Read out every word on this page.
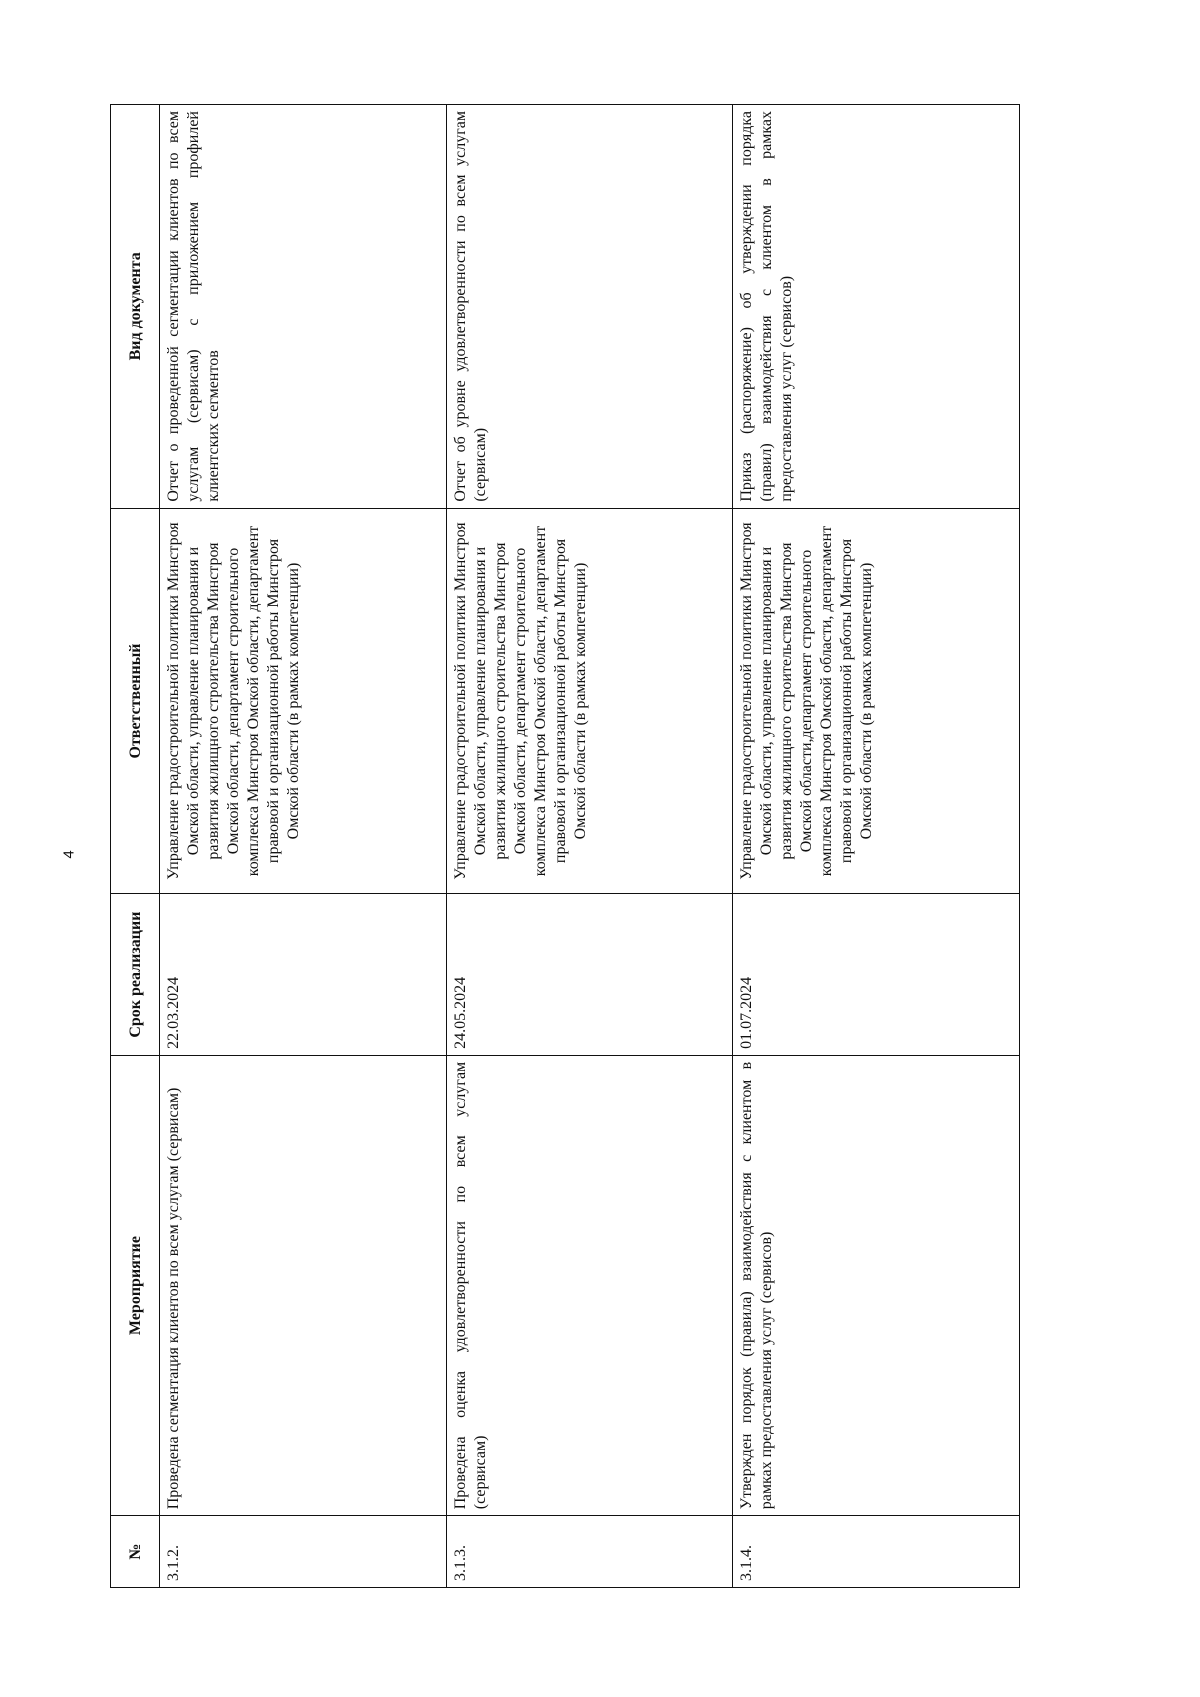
4
№	Мероприятие	Срок реализации	Ответственный	Вид документа
3.1.2.	Проведена сегментация клиентов по всем услугам (сервисам)	22.03.2024	Управление градостроительной политики Минстроя Омской области, управление планирования и развития жилищного строительства Минстроя Омской области, департамент строительного комплекса Минстроя Омской области, департамент правовой и организационной работы Минстроя Омской области (в рамках компетенции)	Отчет о проведенной сегментации клиентов по всем услугам (сервисам) с приложением профилей клиентских сегментов
3.1.3.	Проведена оценка удовлетворенности по всем услугам (сервисам)	24.05.2024	Управление градостроительной политики Минстроя Омской области, управление планирования и развития жилищного строительства Минстроя Омской области, департамент строительного комплекса Минстроя Омской области, департамент правовой и организационной работы Минстроя Омской области (в рамках компетенции)	Отчет об уровне удовлетворенности по всем услугам (сервисам)
3.1.4.	Утвержден порядок (правила) взаимодействия с клиентом в рамках предоставления услуг (сервисов)	01.07.2024	Управление градостроительной политики Минстроя Омской области, управление планирования и развития жилищного строительства Минстроя Омской области,департамент строительного комплекса Минстроя Омской области, департамент правовой и организационной работы Минстроя Омской области (в рамках компетенции)	Приказ (распоряжение) об утверждении порядка (правил) взаимодействия с клиентом в рамках предоставления услуг (сервисов)
